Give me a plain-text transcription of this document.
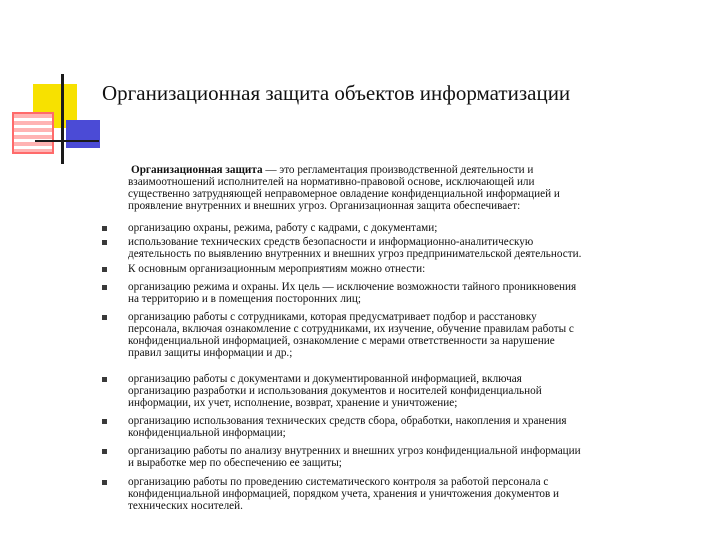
Организационная защита объектов информатизации
Организационная защита — это регламентация производственной деятельности и
взаимоотношений исполнителей на нормативно-правовой основе, исключающей или
существенно затрудняющей неправомерное овладение конфиденциальной информацией и
проявление внутренних и внешних угроз. Организационная защита обеспечивает:
организацию охраны, режима, работу с кадрами, с документами;
использование технических средств безопасности и информационно-аналитическую
деятельность по выявлению внутренних и внешних угроз предпринимательской деятельности.
К основным организационным мероприятиям можно отнести:
организацию режима и охраны. Их цель — исключение возможности тайного проникновения
на территорию и в помещения посторонних лиц;
организацию работы с сотрудниками, которая предусматривает подбор и расстановку
персонала, включая ознакомление с сотрудниками, их изучение, обучение правилам работы с
конфиденциальной информацией, ознакомление с мерами ответственности за нарушение
правил защиты информации и др.;
организацию работы с документами и документированной информацией, включая
организацию разработки и использования документов и носителей конфиденциальной
информации, их учет, исполнение, возврат, хранение и уничтожение;
организацию использования технических средств сбора, обработки, накопления и хранения
конфиденциальной информации;
организацию работы по анализу внутренних и внешних угроз конфиденциальной информации
и выработке мер по обеспечению ее защиты;
организацию работы по проведению систематического контроля за работой персонала с
конфиденциальной информацией, порядком учета, хранения и уничтожения документов и
технических носителей.
